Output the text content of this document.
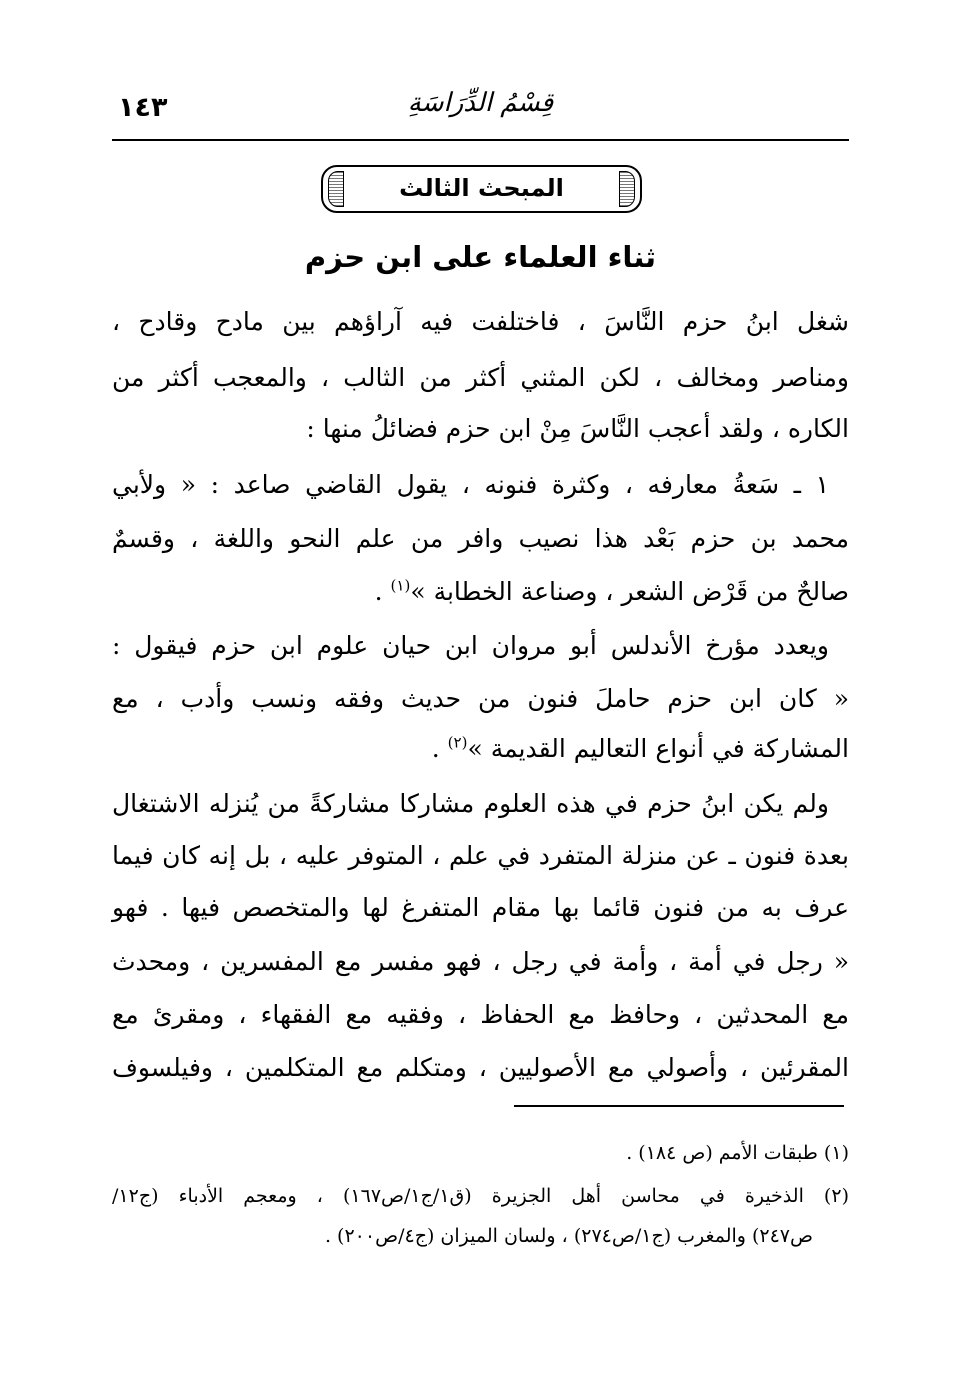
١٤٣	قِسْمُ الدِّرَاسَةِ
المبحث الثالث
ثناء العلماء على ابن حزم
شغل ابنُ حزم النَّاسَ ، فاختلفت فيه آراؤهم بين مادح وقادح ،
ومناصر ومخالف ، لكن المثني أكثر من الثالب ، والمعجب أكثر من
الكاره ، ولقد أعجب النَّاسَ مِنْ ابن حزم فضائلُ منها :
١ ـ سَعةُ معارفه ، وكثرة فنونه ، يقول القاضي صاعد : « ولأبي
محمد بن حزم بَعْد هذا نصيب وافر من علم النحو واللغة ، وقسمٌ
صالحٌ من قَرْض الشعر ، وصناعة الخطابة »$^{(١)}$ .
ويعدد مؤرخ الأندلس أبو مروان ابن حيان علوم ابن حزم فيقول :
« كان ابن حزم حاملَ فنون من حديث وفقه ونسب وأدب ، مع
المشاركة في أنواع التعاليم القديمة »$^{(٢)}$ .
ولم يكن ابنُ حزم في هذه العلوم مشاركا مشاركةً من يُنزله الاشتغال
بعدة فنون ـ عن منزلة المتفرد في علم ، المتوفر عليه ، بل إنه كان فيما
عرف به من فنون قائما بها مقام المتفرغ لها والمتخصص فيها . فهو
« رجل في أمة ، وأمة في رجل ، فهو مفسر مع المفسرين ، ومحدث
مع المحدثين ، وحافظ مع الحفاظ ، وفقيه مع الفقهاء ، ومقرئ مع
المقرئين ، وأصولي مع الأصوليين ، ومتكلم مع المتكلمين ، وفيلسوف
(١) طبقات الأمم (ص ١٨٤) .
(٢) الذخيرة في محاسن أهل الجزيرة (ق١/ج١/ص١٦٧) ، ومعجم الأدباء (ج١٢/
ص٢٤٧) والمغرب (ج١/ص٢٧٤) ، ولسان الميزان (ج٤/ص٢٠٠) .
